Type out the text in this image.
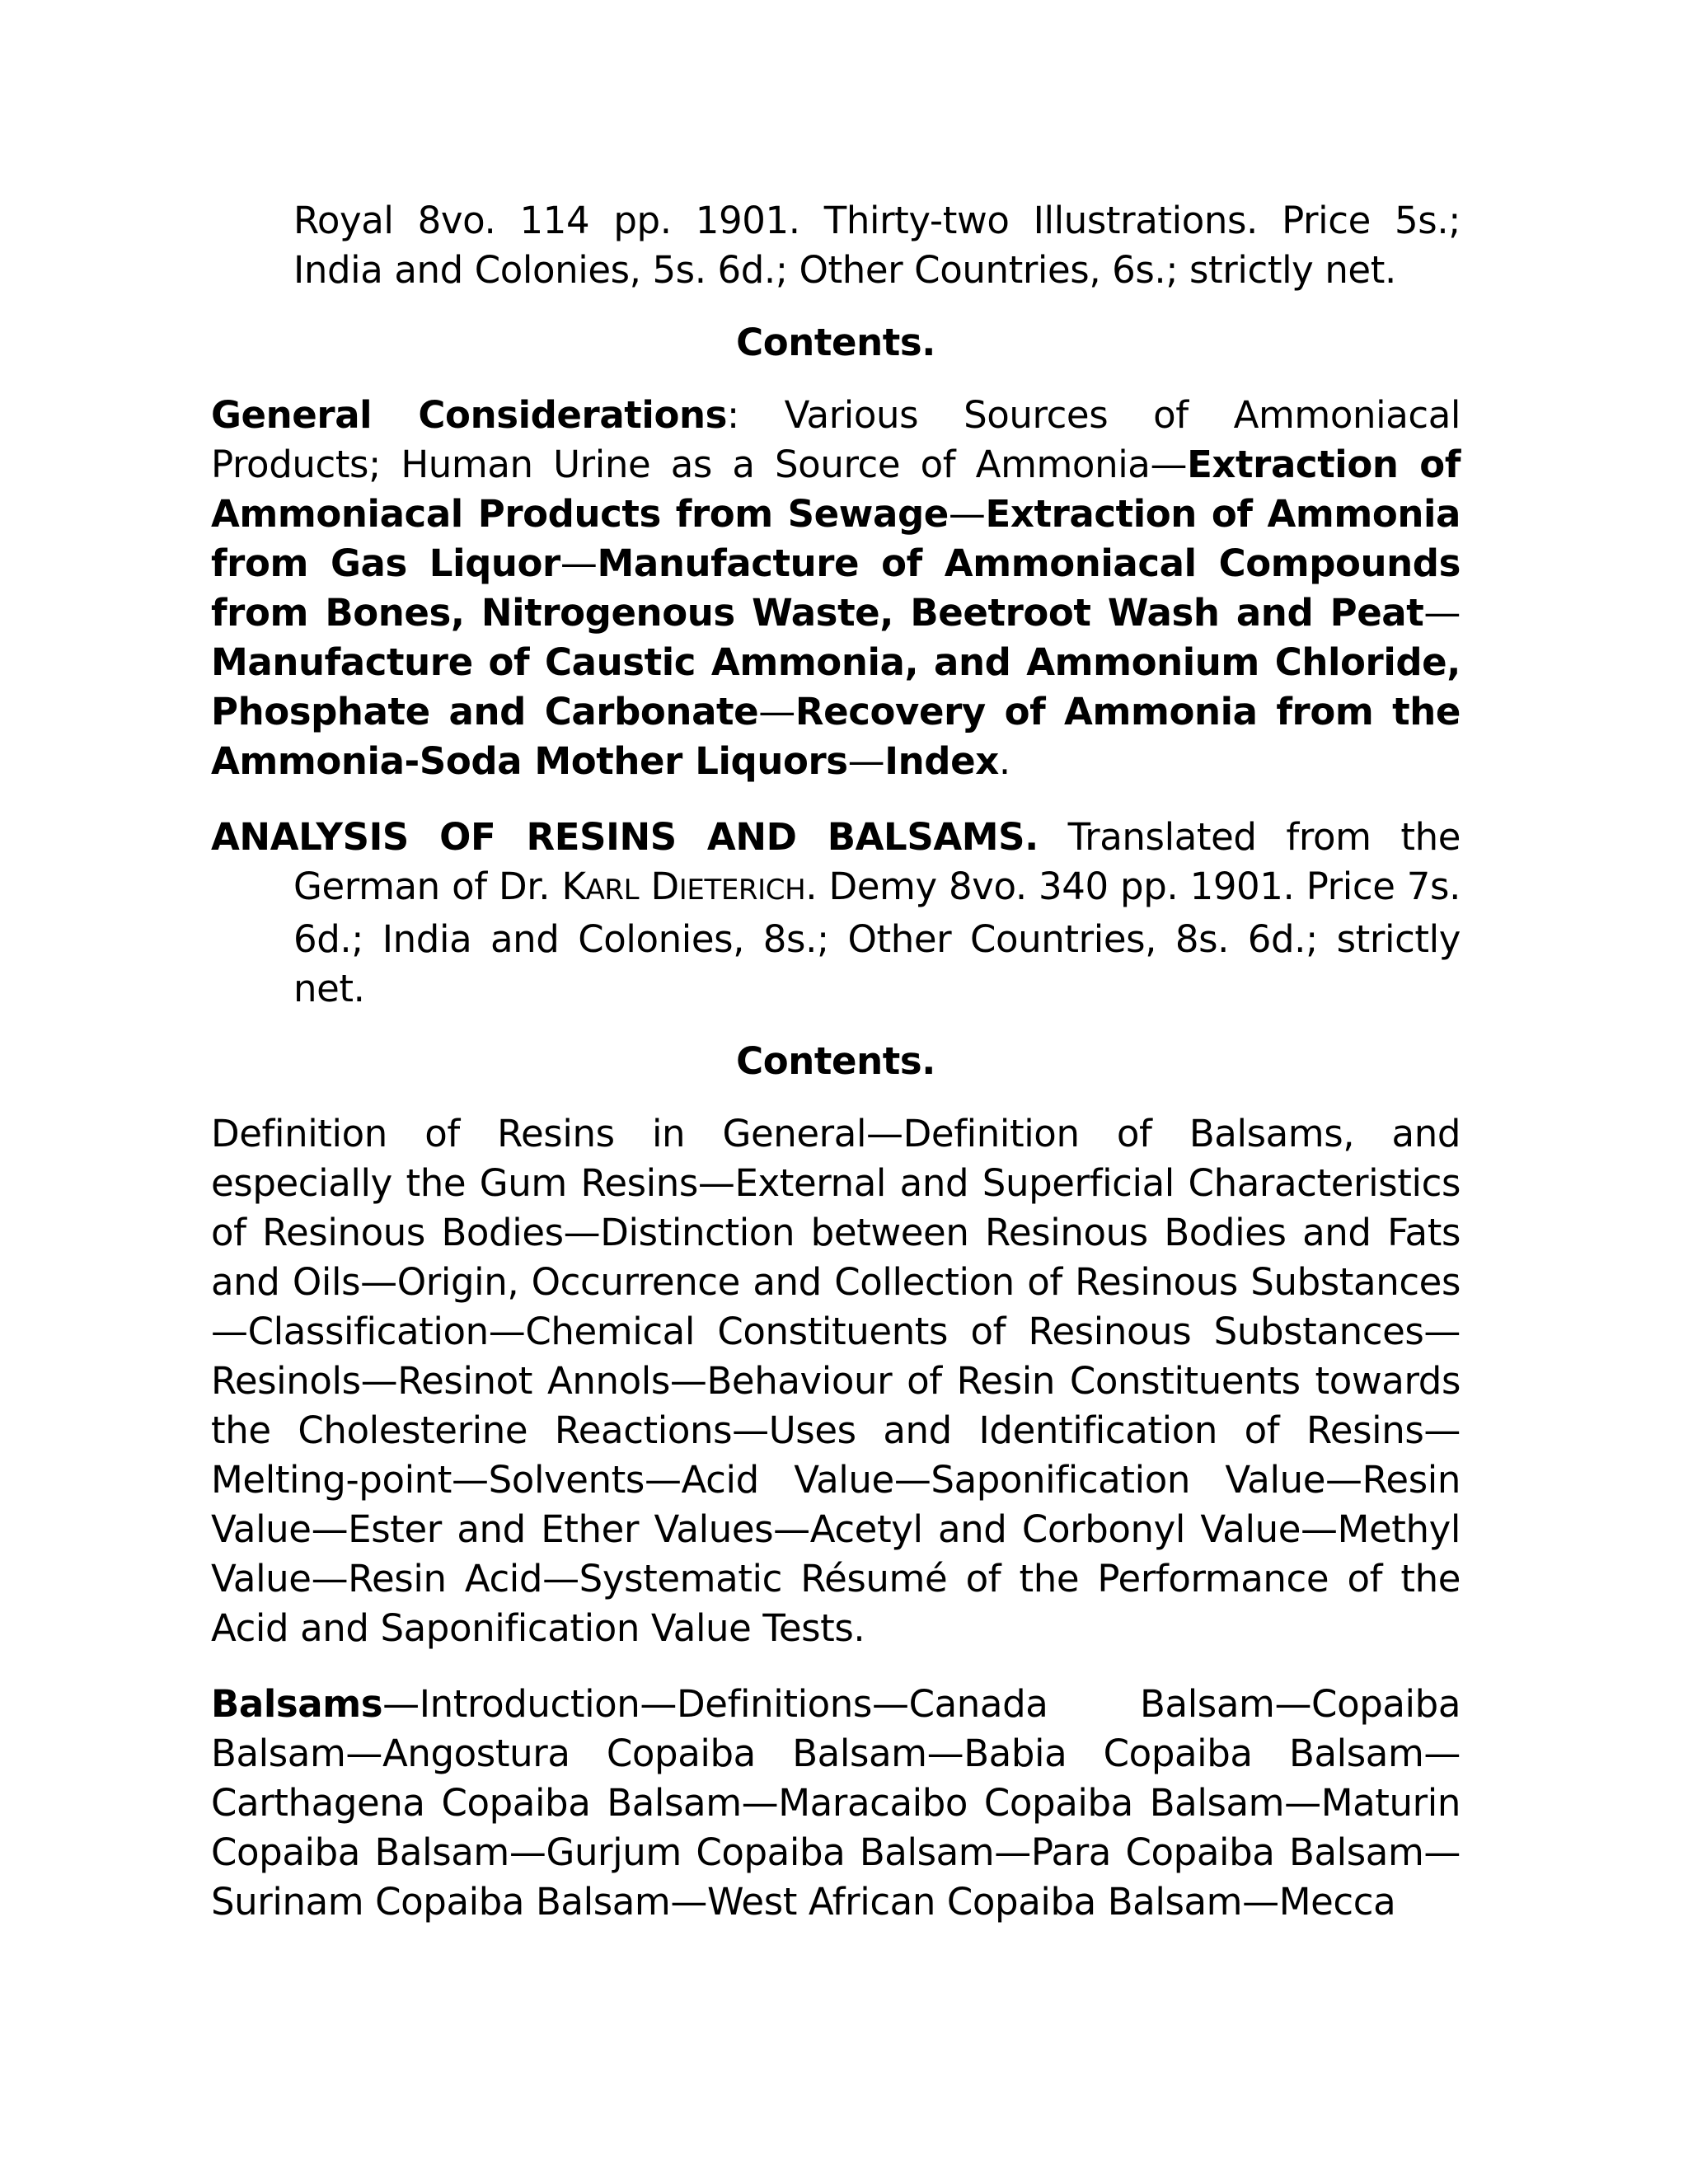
Royal 8vo. 114 pp. 1901. Thirty-two Illustrations. Price 5s.; India and Colonies, 5s. 6d.; Other Countries, 6s.; strictly net.

Contents.

General Considerations: Various Sources of Ammoniacal Products; Human Urine as a Source of Ammonia—Extraction of Ammoniacal Products from Sewage—Extraction of Ammonia from Gas Liquor—Manufacture of Ammoniacal Compounds from Bones, Nitrogenous Waste, Beetroot Wash and Peat—Manufacture of Caustic Ammonia, and Ammonium Chloride, Phosphate and Carbonate—Recovery of Ammonia from the Ammonia-Soda Mother Liquors—Index.

ANALYSIS OF RESINS AND BALSAMS. Translated from the German of Dr. KARL DIETERICH. Demy 8vo. 340 pp. 1901. Price 7s. 6d.; India and Colonies, 8s.; Other Countries, 8s. 6d.; strictly net.

Contents.

Definition of Resins in General—Definition of Balsams, and especially the Gum Resins—External and Superficial Characteristics of Resinous Bodies—Distinction between Resinous Bodies and Fats and Oils—Origin, Occurrence and Collection of Resinous Substances—Classification—Chemical Constituents of Resinous Substances—Resinols—Resinot Annols—Behaviour of Resin Constituents towards the Cholesterine Reactions—Uses and Identification of Resins—Melting-point—Solvents—Acid Value—Saponification Value—Resin Value—Ester and Ether Values—Acetyl and Corbonyl Value—Methyl Value—Resin Acid—Systematic Résumé of the Performance of the Acid and Saponification Value Tests.

Balsams—Introduction—Definitions—Canada Balsam—Copaiba Balsam—Angostura Copaiba Balsam—Babia Copaiba Balsam—Carthagena Copaiba Balsam—Maracaibo Copaiba Balsam—Maturin Copaiba Balsam—Gurjum Copaiba Balsam—Para Copaiba Balsam—Surinam Copaiba Balsam—West African Copaiba Balsam—Mecca
